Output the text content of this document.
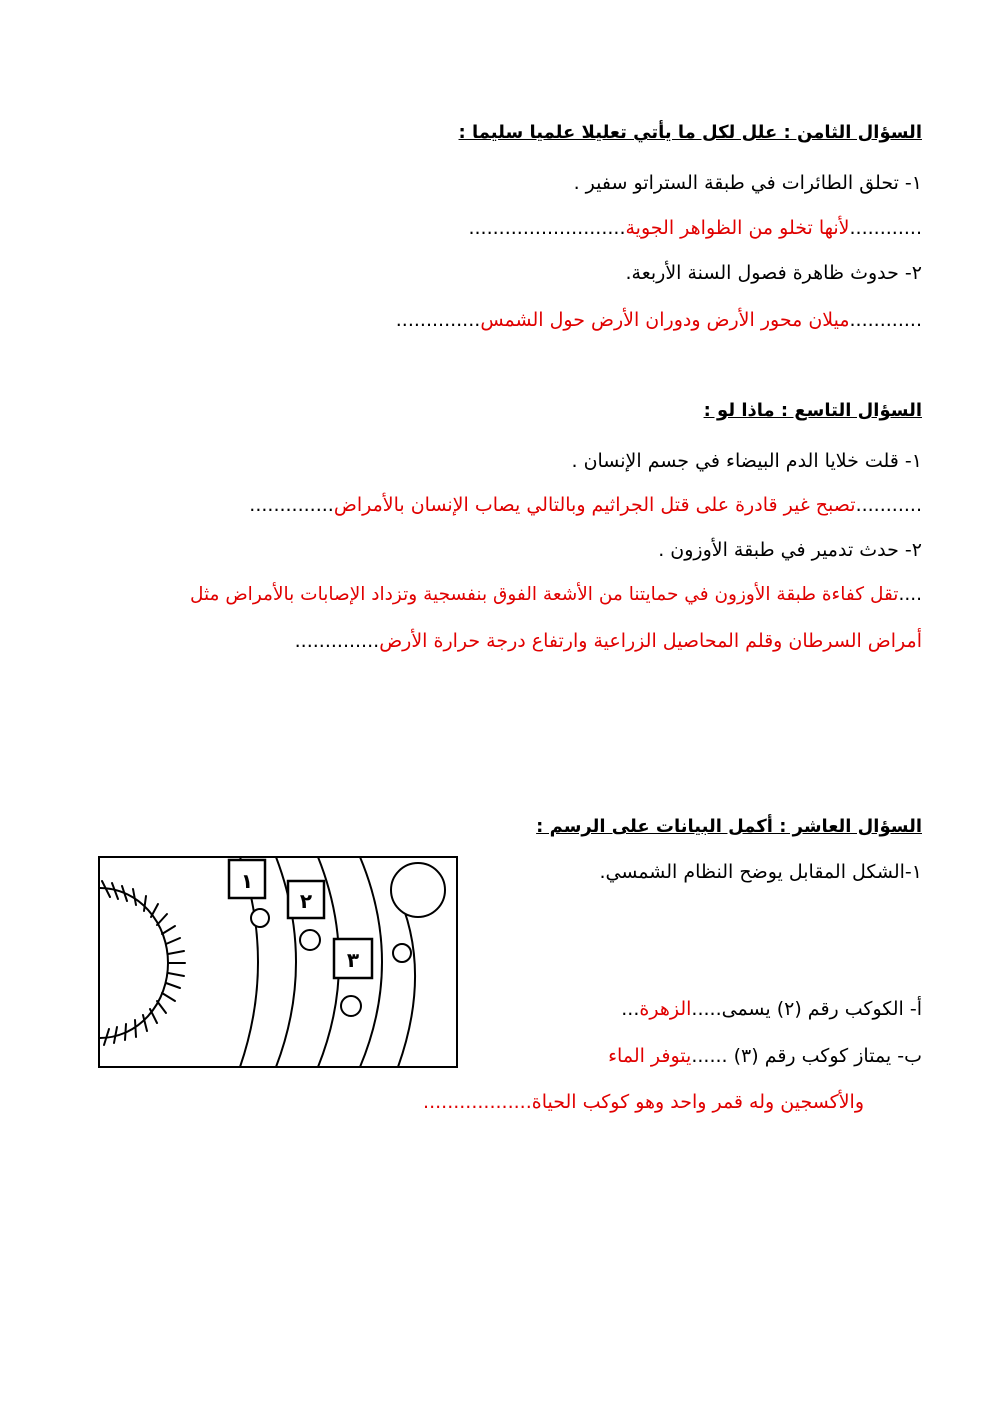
السؤال الثامن : علل لكل ما يأتي تعليلا علميا سليما :
١- تحلق الطائرات في طبقة الستراتو سفير .
............لأنها تخلو من الظواهر الجوية..........................
٢- حدوث ظاهرة فصول السنة الأربعة.
............ميلان محور الأرض ودوران الأرض حول الشمس..............
السؤال التاسع : ماذا لو :
١- قلت خلايا الدم البيضاء في جسم الإنسان .
...........تصبح غير قادرة على قتل الجراثيم وبالتالي يصاب الإنسان بالأمراض..............
٢- حدث تدمير في طبقة الأوزون .
....تقل كفاءة طبقة الأوزون في حمايتنا من الأشعة الفوق بنفسجية وتزداد الإصابات بالأمراض مثل
أمراض السرطان وقلم المحاصيل الزراعية وارتفاع درجة حرارة الأرض..............
السؤال العاشر : أكمل البيانات على الرسم :
١-الشكل المقابل يوضح النظام الشمسي.
أ- الكوكب رقم (٢) يسمى.....الزهرة...
ب- يمتاز كوكب رقم (٣) ......يتوفر الماء
والأكسجين وله قمر واحد وهو كوكب الحياة..................
١
٢
٣
